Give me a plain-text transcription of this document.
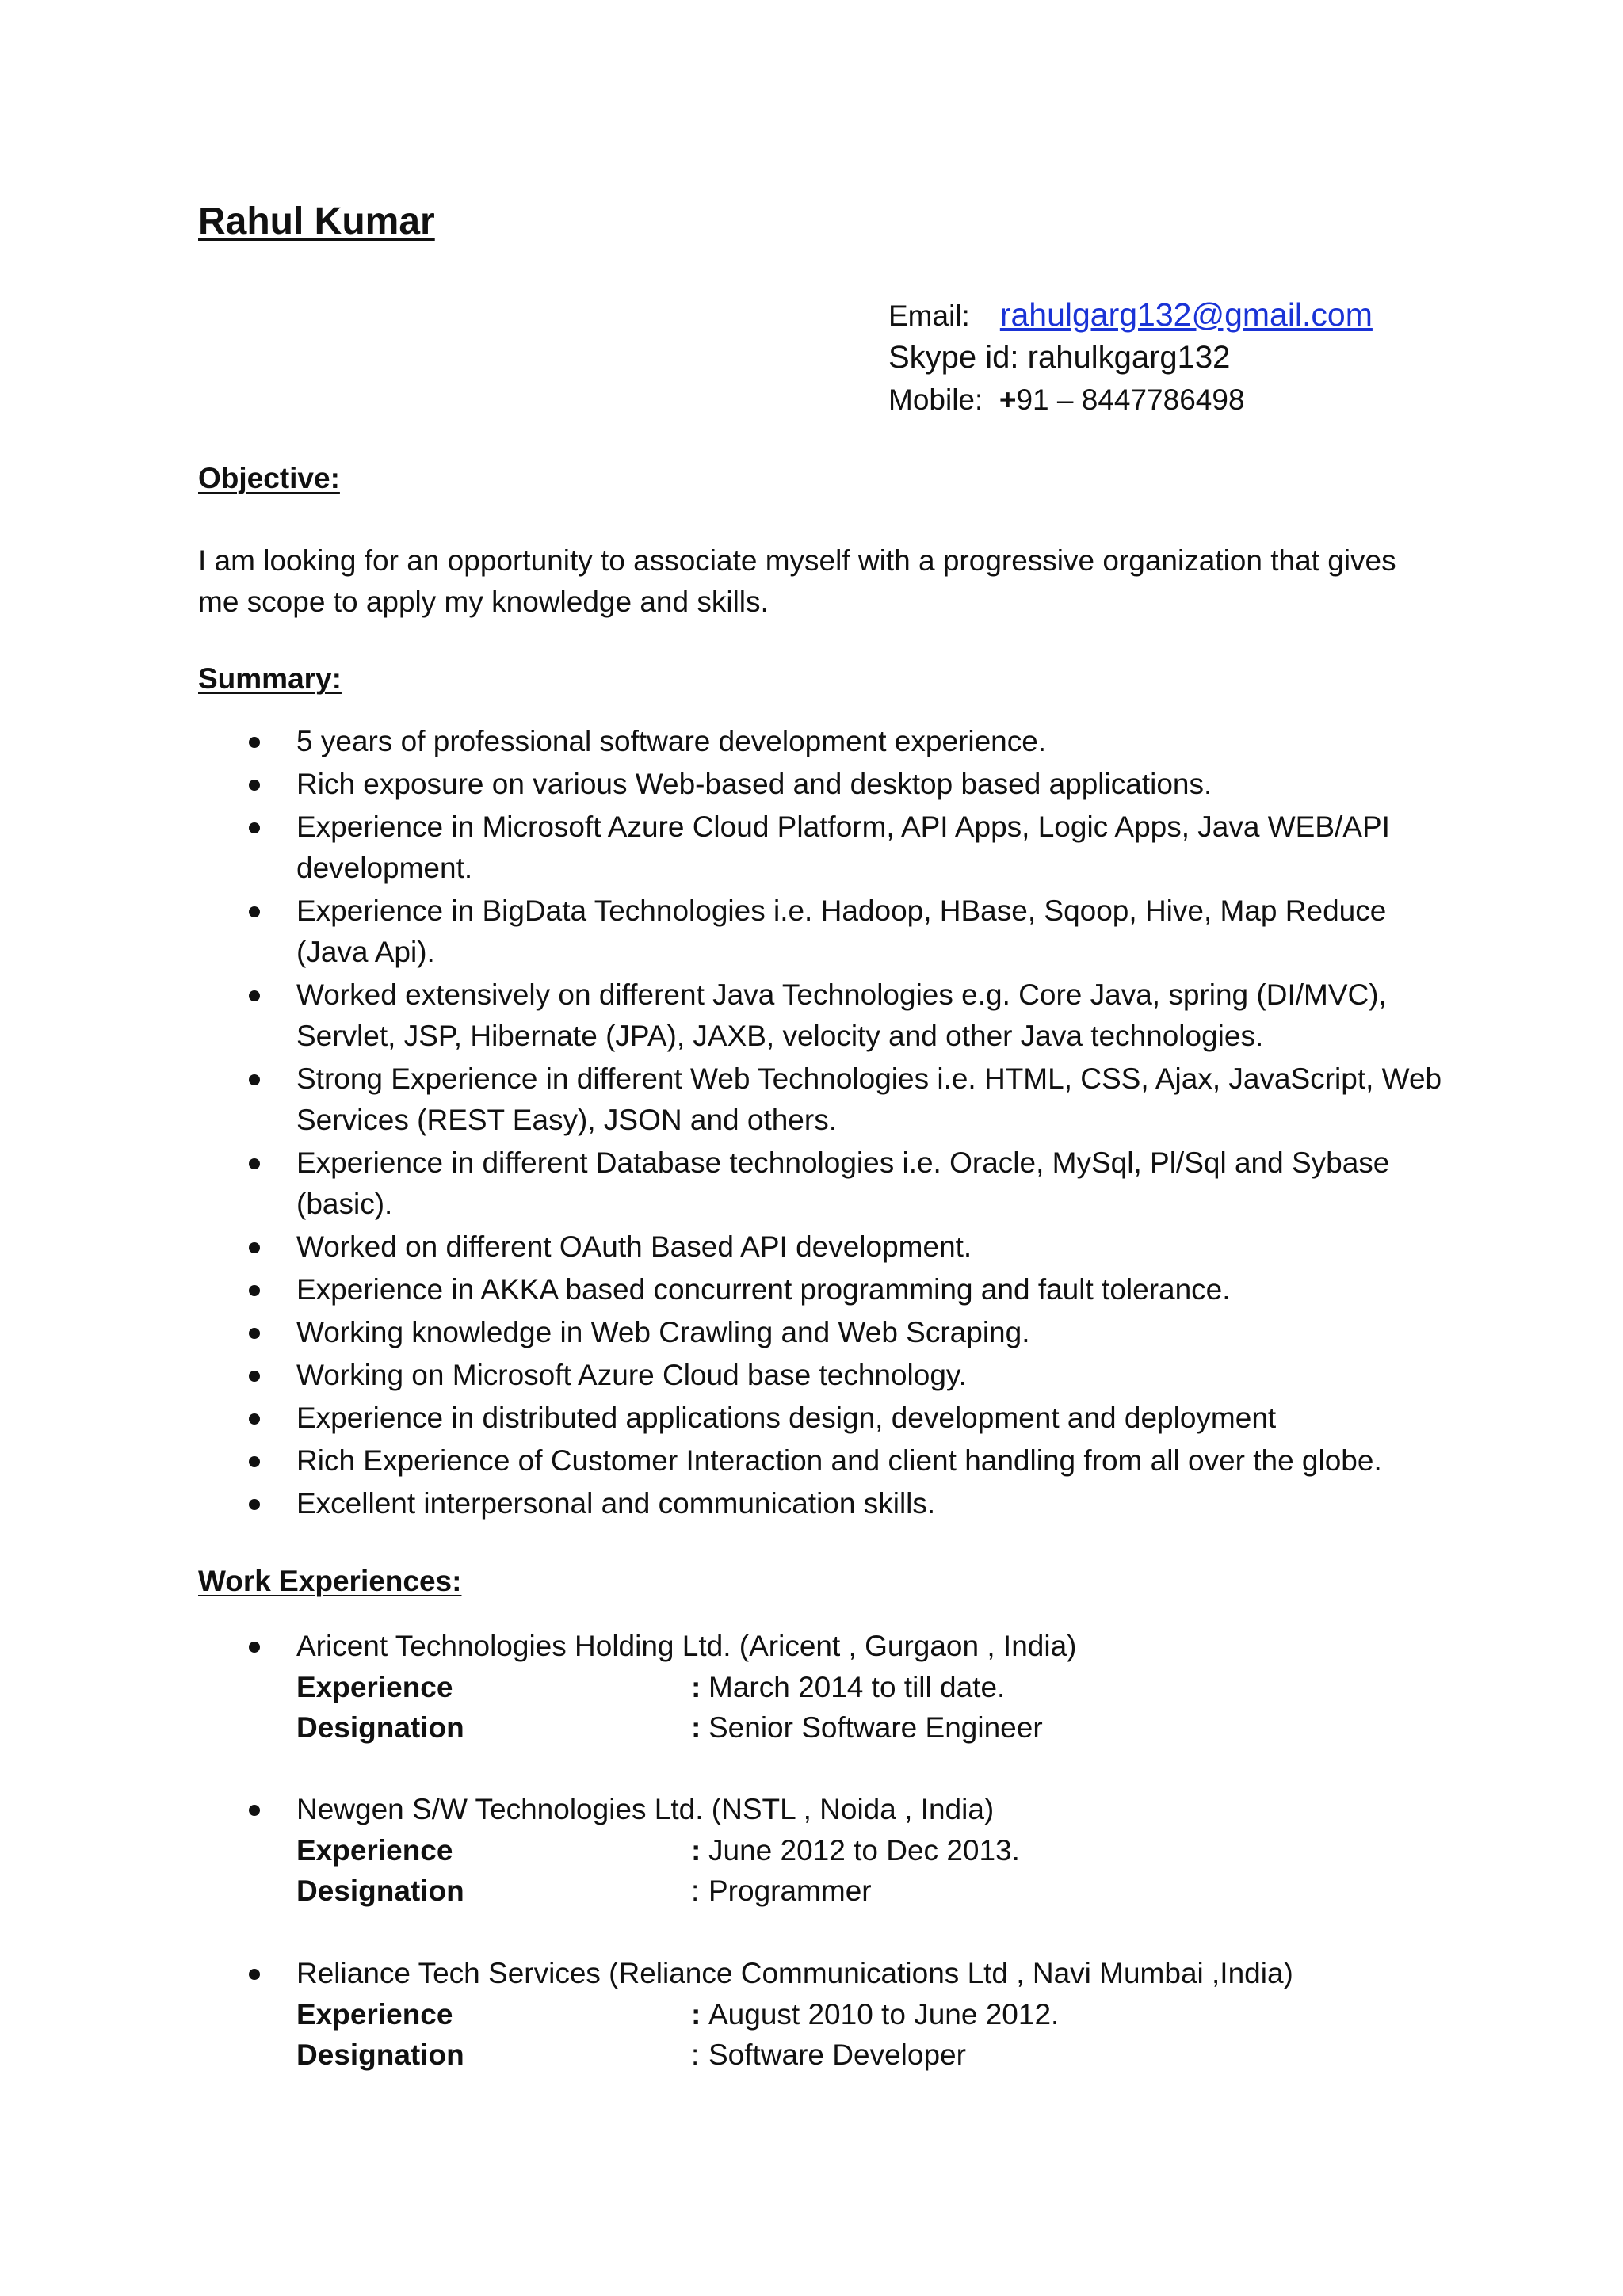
Rahul Kumar
Email: rahulgarg132@gmail.com
Skype id: rahulkgarg132
Mobile: +91 – 8447786498
Objective:

I am looking for an opportunity to associate myself with a progressive organization that gives me scope to apply my knowledge and skills.

Summary:
5 years of professional software development experience.
Rich exposure on various Web-based and desktop based applications.
Experience in Microsoft Azure Cloud Platform, API Apps, Logic Apps, Java WEB/API development.
Experience in BigData Technologies i.e. Hadoop, HBase, Sqoop, Hive, Map Reduce (Java Api).
Worked extensively on different Java Technologies e.g. Core Java, spring (DI/MVC), Servlet, JSP, Hibernate (JPA), JAXB, velocity and other Java technologies.
Strong Experience in different Web Technologies i.e. HTML, CSS, Ajax, JavaScript, Web Services (REST Easy), JSON and others.
Experience in different Database technologies i.e. Oracle, MySql, Pl/Sql and Sybase (basic).
Worked on different OAuth Based API development.
Experience in AKKA based concurrent programming and fault tolerance.
Working knowledge in Web Crawling and Web Scraping.
Working on Microsoft Azure Cloud base technology.
Experience in distributed applications design, development and deployment
Rich Experience of Customer Interaction and client handling from all over the globe.
Excellent interpersonal and communication skills.
Work Experiences:
Aricent Technologies Holding Ltd. (Aricent , Gurgaon , India)
Experience	: March 2014 to till date.
Designation	: Senior Software Engineer
Newgen S/W Technologies Ltd. (NSTL , Noida , India)
Experience	: June 2012 to Dec 2013.
Designation	: Programmer
Reliance Tech Services (Reliance Communications Ltd , Navi Mumbai ,India)
Experience	: August 2010 to June 2012.
Designation	: Software Developer
